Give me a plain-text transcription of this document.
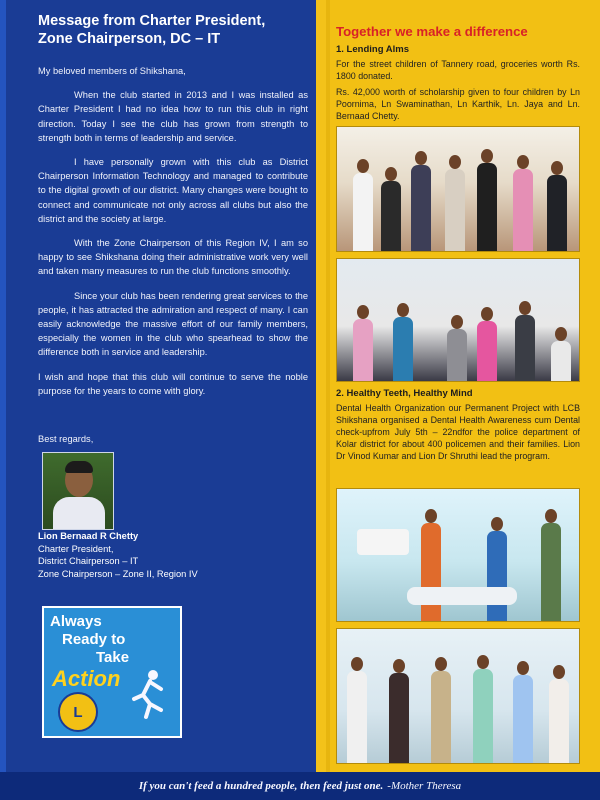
Message from Charter President,
Zone Chairperson, DC – IT

My beloved members of Shikshana,

When the club started in 2013 and I was installed as Charter President I had no idea how to run this club in right direction. Today I see the club has grown from strength to strength both in terms of leadership and service.

I have personally grown with this club as District Chairperson Information Technology and managed to contribute to the digital growth of our district. Many changes were bought to connect and communicate not only across all clubs but also the district and the society at large.

With the Zone Chairperson of this Region IV, I am so happy to see Shikshana doing their administrative work very well and taken many measures to run the club functions smoothly.

Since your club has been rendering great services to the people, it has attracted the admiration and respect of many. I can easily acknowledge the massive effort of our family members, especially the women in the club who spearhead to show the difference both in service and leadership.

I wish and hope that this club will continue to serve the noble purpose for the years to come with glory.

Best regards,
Lion Bernaad R Chetty
Charter President,
District Chairperson – IT
Zone Chairperson – Zone II, Region IV
Always
Ready to
Take
Action
L
Together we make a difference
1. Lending Alms

For the street children of Tannery road, groceries worth Rs. 1800 donated.

Rs. 42,000 worth of scholarship given to four children by Ln Poornima, Ln Swaminathan, Ln Karthik, Ln. Jaya and Ln. Bernaad Chetty.

2. Healthy Teeth, Healthy Mind

Dental Health Organization our Permanent Project with LCB Shikshana organised a Dental Health Awareness cum Dental check-upfrom July 5th – 22ndfor the police department of Kolar district for about 400 policemen and their families. Lion Dr Vinod Kumar and Lion Dr Shruthi lead the program.

If you can't feed a hundred people, then feed just one. -Mother Theresa
